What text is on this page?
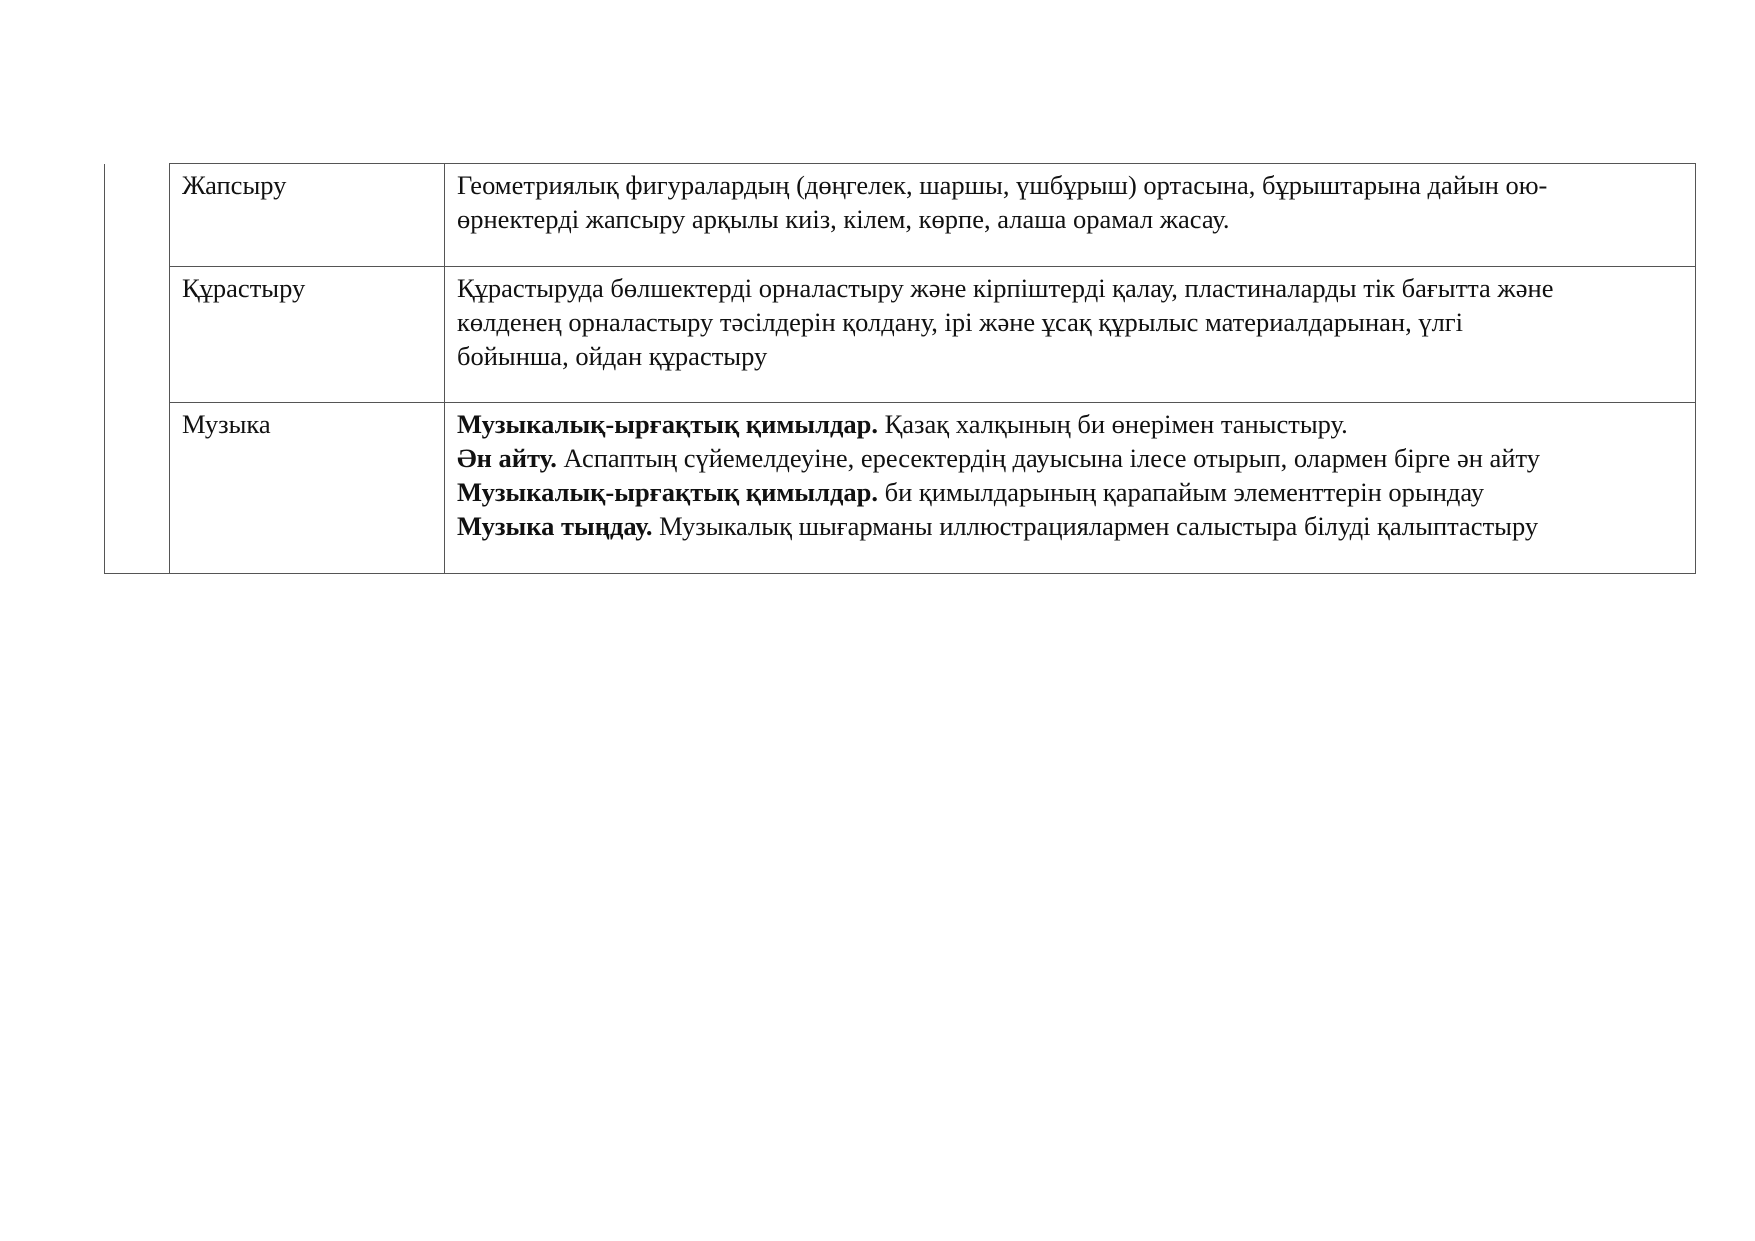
	Жапсыру	Геометриялық фигуралардың (дөңгелек, шаршы, үшбұрыш) ортасына, бұрыштарына дайын ою-
өрнектерді жапсыру арқылы киіз, кілем, көрпе, алаша орамал жасау.

	Құрастыру	Құрастыруда бөлшектерді орналастыру және кірпіштерді қалау, пластиналарды тік бағытта және
көлденең орналастыру тәсілдерін қолдану, ірі және ұсақ құрылыс материалдарынан, үлгі
бойынша, ойдан құрастыру

	Музыка	Музыкалық-ырғақтық қимылдар. Қазақ халқының би өнерімен таныстыру.
Ән айту. Аспаптың сүйемелдеуіне, ересектердің дауысына ілесе отырып, олармен бірге ән айту
Музыкалық-ырғақтық қимылдар. би қимылдарының қарапайым элементтерін орындау
Музыка тыңдау. Музыкалық шығарманы иллюстрациялармен салыстыра білуді қалыптастыру
